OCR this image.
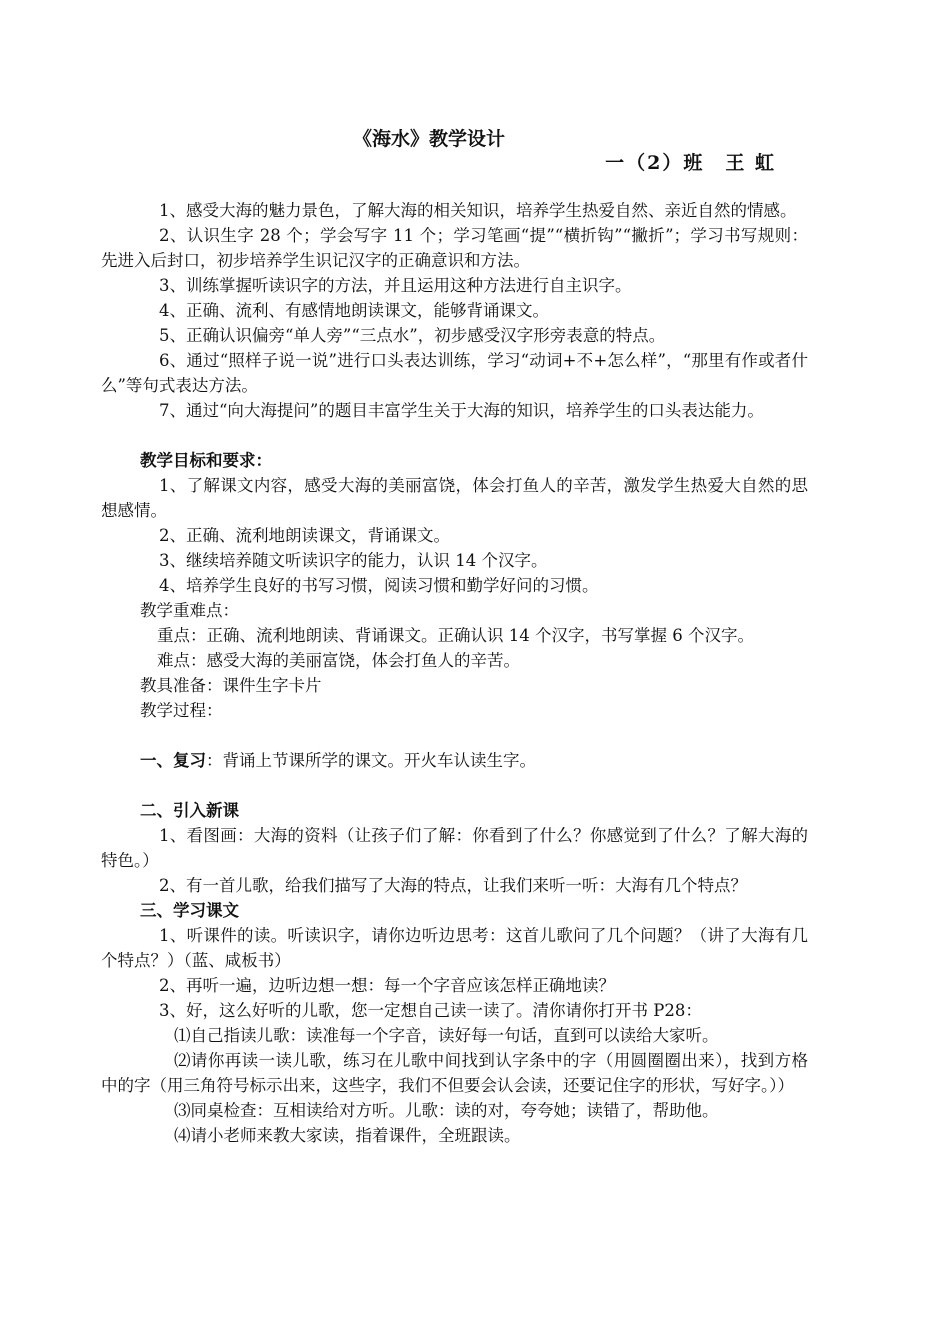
《海水》教学设计
一（2）班　王 虹

1、感受大海的魅力景色，了解大海的相关知识，培养学生热爱自然、亲近自然的情感。

2、认识生字 28 个；学会写字 11 个；学习笔画“提”“横折钩”“撇折”；学习书写规则：先进入后封口，初步培养学生识记汉字的正确意识和方法。

3、训练掌握听读识字的方法，并且运用这种方法进行自主识字。

4、正确、流利、有感情地朗读课文，能够背诵课文。

5、正确认识偏旁“单人旁”“三点水”，初步感受汉字形旁表意的特点。

6、通过“照样子说一说”进行口头表达训练，学习“动词+不+怎么样”，“那里有作或者什么”等句式表达方法。

7、通过“向大海提问”的题目丰富学生关于大海的知识，培养学生的口头表达能力。

教学目标和要求：

1、了解课文内容，感受大海的美丽富饶，体会打鱼人的辛苦，激发学生热爱大自然的思想感情。

2、正确、流利地朗读课文，背诵课文。

3、继续培养随文听读识字的能力，认识 14 个汉字。

4、培养学生良好的书写习惯，阅读习惯和勤学好问的习惯。

教学重难点：

重点：正确、流利地朗读、背诵课文。正确认识 14 个汉字，书写掌握 6 个汉字。

难点：感受大海的美丽富饶，体会打鱼人的辛苦。

教具准备：课件生字卡片

教学过程：

一、复习：背诵上节课所学的课文。开火车认读生字。

二、引入新课

1、看图画：大海的资料（让孩子们了解：你看到了什么？你感觉到了什么？了解大海的特色。）

2、有一首儿歌，给我们描写了大海的特点，让我们来听一听：大海有几个特点？

三、学习课文

1、听课件的读。听读识字，请你边听边思考：这首儿歌问了几个问题？（讲了大海有几个特点？）（蓝、咸板书）

2、再听一遍，边听边想一想：每一个字音应该怎样正确地读？

3、好，这么好听的儿歌，您一定想自己读一读了。清你请你打开书 P28：

⑴自己指读儿歌：读准每一个字音，读好每一句话，直到可以读给大家听。

⑵请你再读一读儿歌，练习在儿歌中间找到认字条中的字（用圆圈圈出来），找到方格中的字（用三角符号标示出来，这些字，我们不但要会认会读，还要记住字的形状，写好字。））

⑶同桌检查：互相读给对方听。儿歌：读的对，夸夸她；读错了，帮助他。

⑷请小老师来教大家读，指着课件，全班跟读。
